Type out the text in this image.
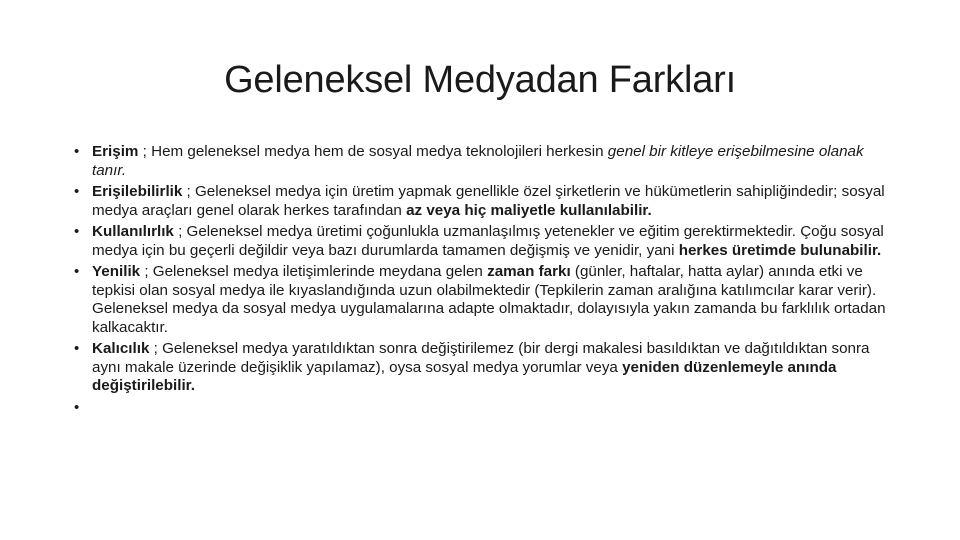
Geleneksel Medyadan Farkları
• Erişim ; Hem geleneksel medya hem de sosyal medya teknolojileri herkesin genel bir kitleye erişebilmesine olanak tanır.
• Erişilebilirlik ; Geleneksel medya için üretim yapmak genellikle özel şirketlerin ve hükümetlerin sahipliğindedir; sosyal medya araçları genel olarak herkes tarafından az veya hiç maliyetle kullanılabilir.
• Kullanılırlık ; Geleneksel medya üretimi çoğunlukla uzmanlaşılmış yetenekler ve eğitim gerektirmektedir. Çoğu sosyal medya için bu geçerli değildir veya bazı durumlarda tamamen değişmiş ve yenidir, yani herkes üretimde bulunabilir.
• Yenilik ; Geleneksel medya iletişimlerinde meydana gelen zaman farkı (günler, haftalar, hatta aylar) anında etki ve tepkisi olan sosyal medya ile kıyaslandığında uzun olabilmektedir (Tepkilerin zaman aralığına katılımcılar karar verir). Geleneksel medya da sosyal medya uygulamalarına adapte olmaktadır, dolayısıyla yakın zamanda bu farklılık ortadan kalkacaktır.
• Kalıcılık ; Geleneksel medya yaratıldıktan sonra değiştirilemez (bir dergi makalesi basıldıktan ve dağıtıldıktan sonra aynı makale üzerinde değişiklik yapılamaz), oysa sosyal medya yorumlar veya yeniden düzenlemeyle anında değiştirilebilir.
•
